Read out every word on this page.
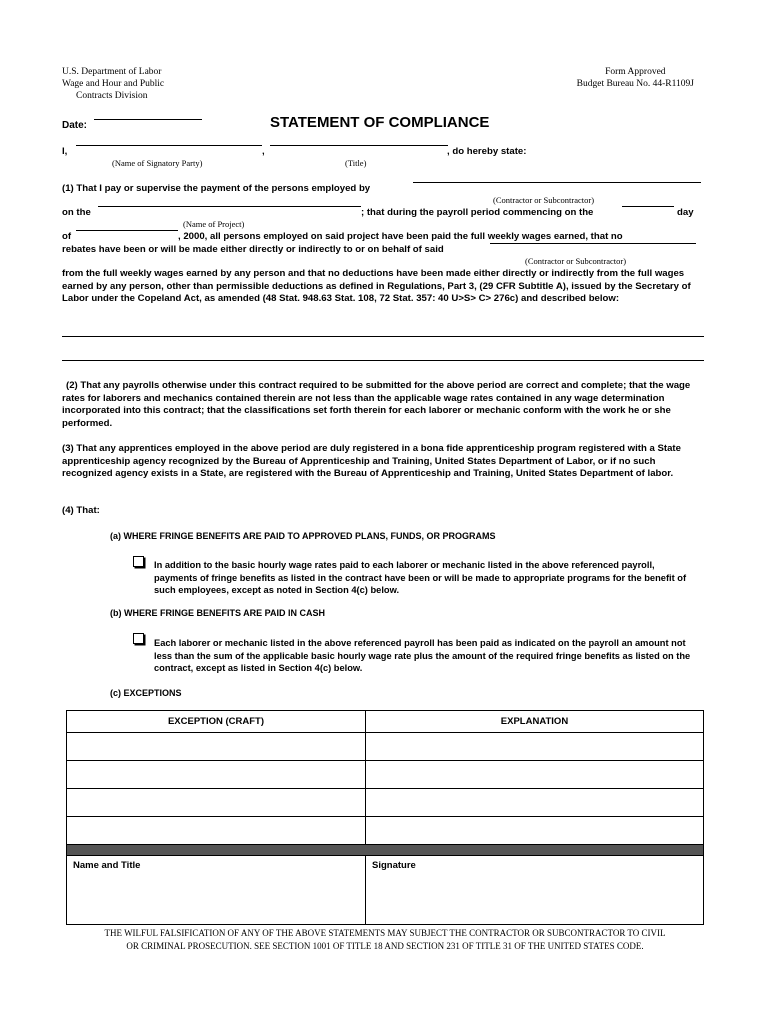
U.S. Department of Labor
Wage and Hour and Public
Contracts Division
Form Approved
Budget Bureau No. 44-R1109J
Date:	STATEMENT OF COMPLIANCE
I,	,	, do hereby state:
(Name of Signatory Party)	(Title)
(1) That I pay or supervise the payment of the persons employed by
(Contractor or Subcontractor)
on the	; that during the payroll period commencing on the	day
(Name of Project)
of	, 2000, all persons employed on said project have been paid the full weekly wages earned, that no
rebates have been or will be made either directly or indirectly to or on behalf of said
(Contractor or Subcontractor)
from the full weekly wages earned by any person and that no deductions have been made either directly or indirectly from the full wages earned by any person, other than permissible deductions as defined in Regulations, Part 3, (29 CFR Subtitle A), issued by the Secretary of Labor under the Copeland Act, as amended (48 Stat. 948.63 Stat. 108, 72 Stat. 357: 40 U>S> C> 276c) and described below:
(2) That any payrolls otherwise under this contract required to be submitted for the above period are correct and complete; that the wage rates for laborers and mechanics contained therein are not less than the applicable wage rates contained in any wage determination incorporated into this contract; that the classifications set forth therein for each laborer or mechanic conform with the work he or she performed.
(3) That any apprentices employed in the above period are duly registered in a bona fide apprenticeship program registered with a State apprenticeship agency recognized by the Bureau of Apprenticeship and Training, United States Department of Labor, or if no such recognized agency exists in a State, are registered with the Bureau of Apprenticeship and Training, United States Department of labor.
(4) That:
(a) WHERE FRINGE BENEFITS ARE PAID TO APPROVED PLANS, FUNDS, OR PROGRAMS
In addition to the basic hourly wage rates paid to each laborer or mechanic listed in the above referenced payroll, payments of fringe benefits as listed in the contract have been or will be made to appropriate programs for the benefit of such employees, except as noted in Section 4(c) below.
(b) WHERE FRINGE BENEFITS ARE PAID IN CASH
Each laborer or mechanic listed in the above referenced payroll has been paid as indicated on the payroll an amount not less than the sum of the applicable basic hourly wage rate plus the amount of the required fringe benefits as listed on the contract, except as listed in Section 4(c) below.
(c) EXCEPTIONS
EXCEPTION (CRAFT)	EXPLANATION

Name and Title	Signature
THE WILFUL FALSIFICATION OF ANY OF THE ABOVE STATEMENTS MAY SUBJECT THE CONTRACTOR OR SUBCONTRACTOR TO CIVIL
OR CRIMINAL PROSECUTION. SEE SECTION 1001 OF TITLE 18 AND SECTION 231 OF TITLE 31 OF THE UNITED STATES CODE.
